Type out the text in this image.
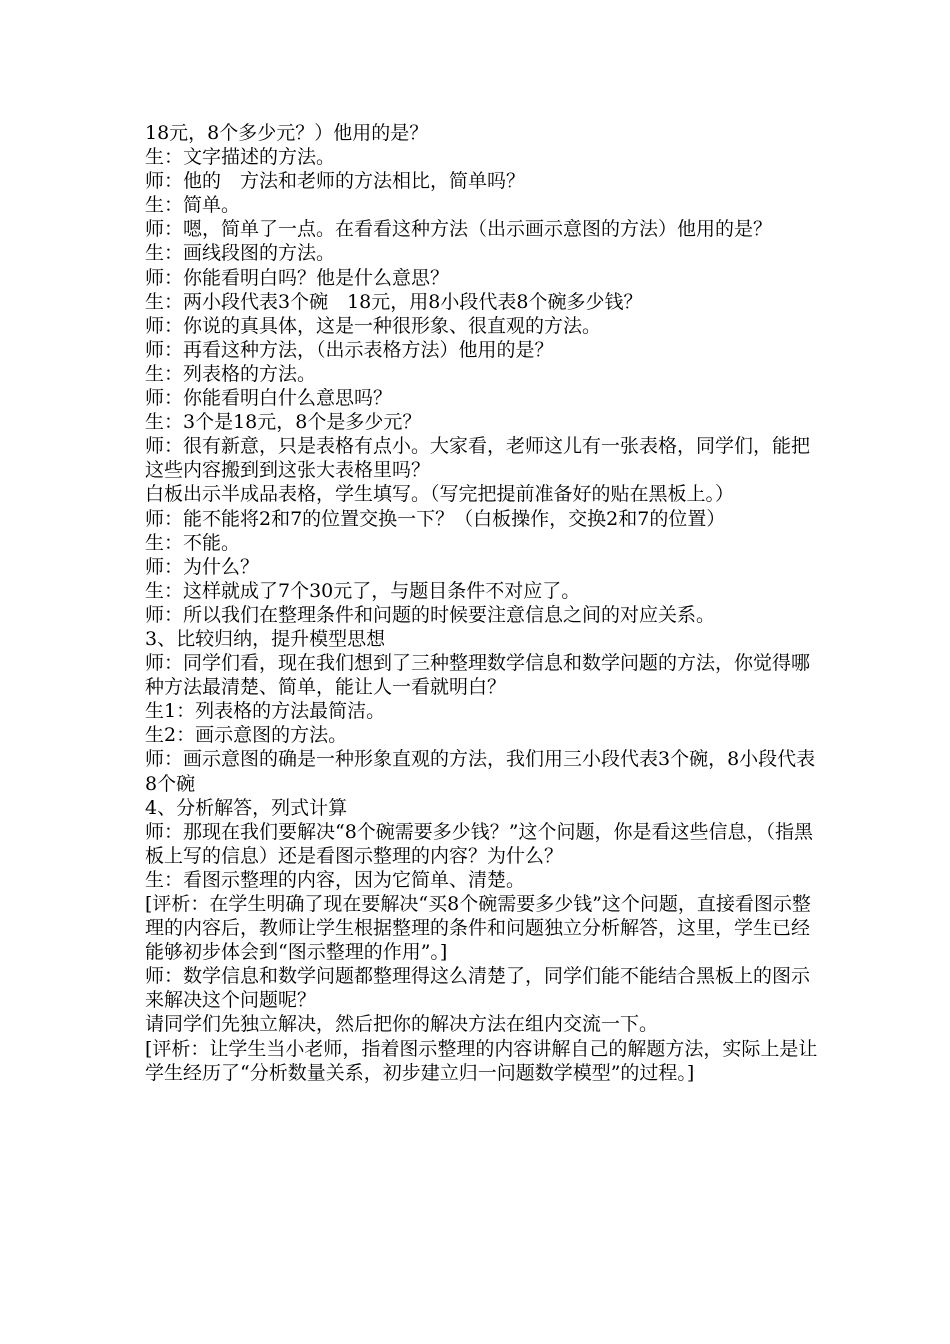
18元，8个多少元？）他用的是？

生：文字描述的方法。

师：他的　方法和老师的方法相比，简单吗？

生：简单。

师：嗯，简单了一点。在看看这种方法（出示画示意图的方法）他用的是？

生：画线段图的方法。

师：你能看明白吗？他是什么意思？

生：两小段代表3个碗　18元，用8小段代表8个碗多少钱？

师：你说的真具体，这是一种很形象、很直观的方法。

师：再看这种方法，（出示表格方法）他用的是？

生：列表格的方法。

师：你能看明白什么意思吗？

生：3个是18元，8个是多少元？

师：很有新意，只是表格有点小。大家看，老师这儿有一张表格，同学们，能把这些内容搬到到这张大表格里吗？

白板出示半成品表格，学生填写。（写完把提前准备好的贴在黑板上。）

师：能不能将2和7的位置交换一下？（白板操作，交换2和7的位置）

生：不能。

师：为什么？

生：这样就成了7个30元了，与题目条件不对应了。

师：所以我们在整理条件和问题的时候要注意信息之间的对应关系。

3、比较归纳，提升模型思想

师：同学们看，现在我们想到了三种整理数学信息和数学问题的方法，你觉得哪种方法最清楚、简单，能让人一看就明白？

生1：列表格的方法最简洁。

生2：画示意图的方法。

师：画示意图的确是一种形象直观的方法，我们用三小段代表3个碗，8小段代表8个碗

4、分析解答，列式计算

师：那现在我们要解决“8个碗需要多少钱？”这个问题，你是看这些信息，（指黑板上写的信息）还是看图示整理的内容？为什么？

生：看图示整理的内容，因为它简单、清楚。

[评析：在学生明确了现在要解决“买8个碗需要多少钱”这个问题，直接看图示整理的内容后，教师让学生根据整理的条件和问题独立分析解答，这里，学生已经能够初步体会到“图示整理的作用”。]

师：数学信息和数学问题都整理得这么清楚了，同学们能不能结合黑板上的图示来解决这个问题呢？

请同学们先独立解决，然后把你的解决方法在组内交流一下。

[评析：让学生当小老师，指着图示整理的内容讲解自己的解题方法，实际上是让学生经历了“分析数量关系，初步建立归一问题数学模型”的过程。]
